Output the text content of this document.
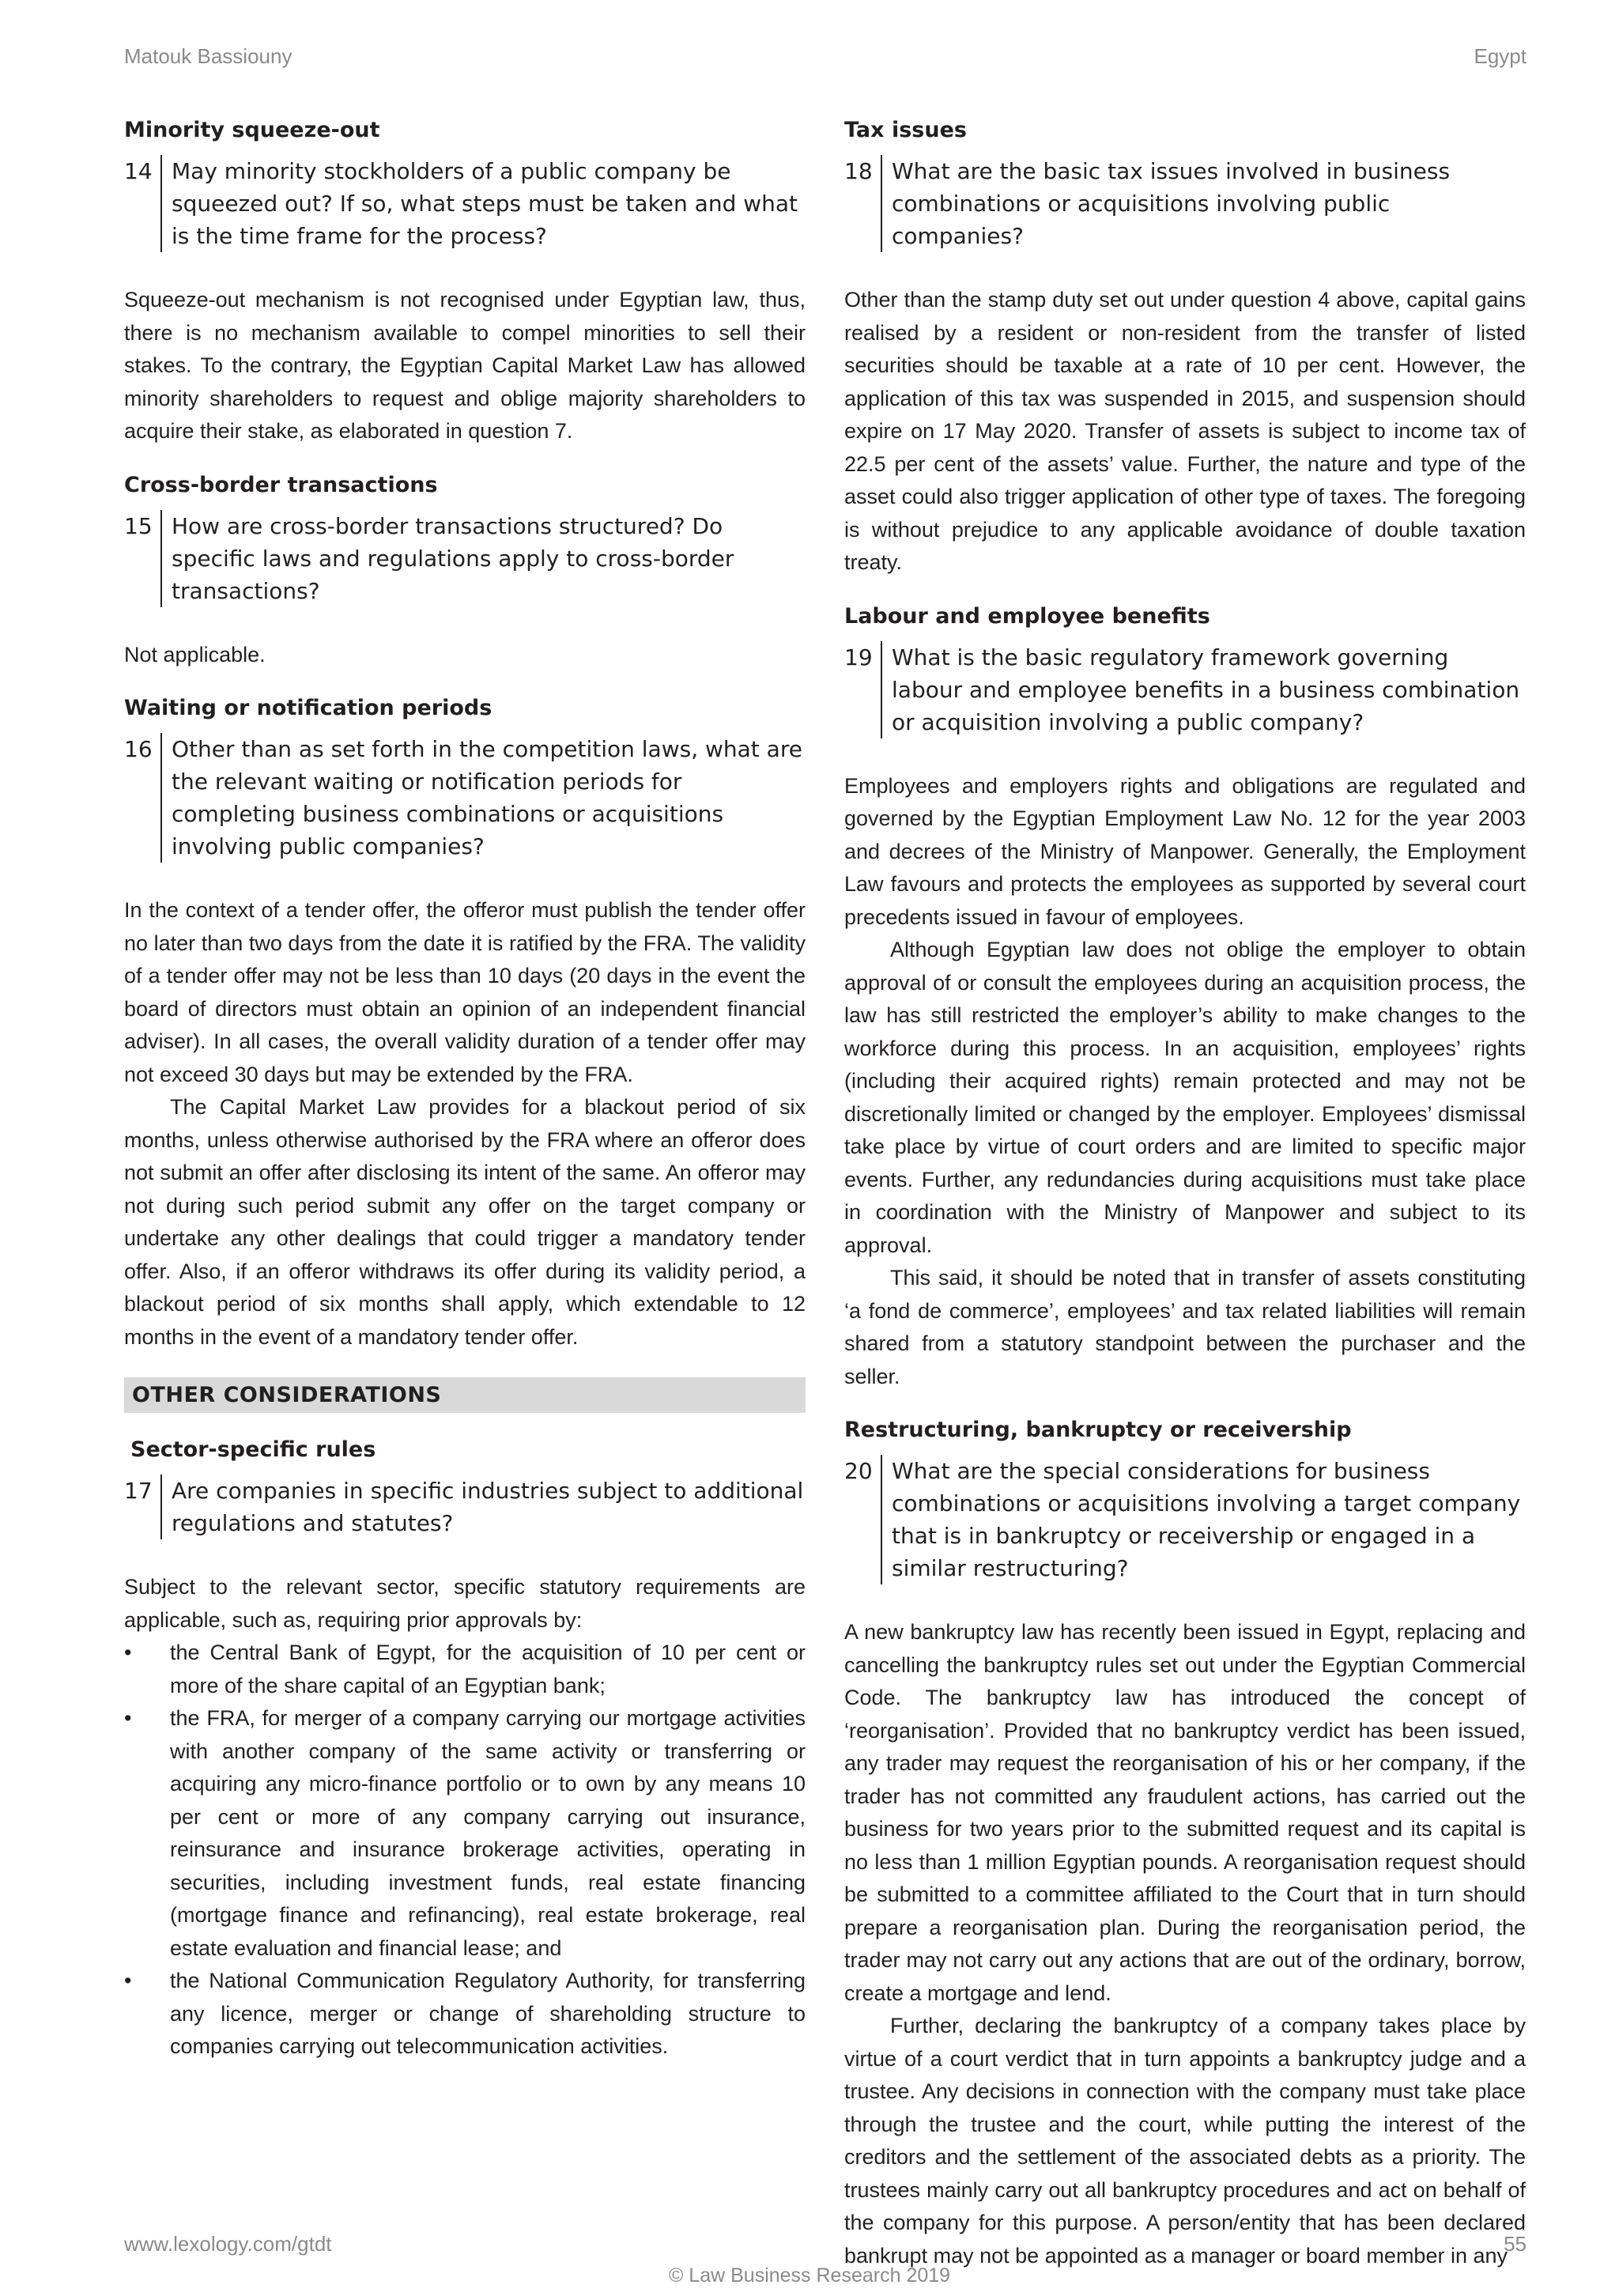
Matouk Bassiouny	Egypt
Minority squeeze-out
14 May minority stockholders of a public company be squeezed out? If so, what steps must be taken and what is the time frame for the process?

Squeeze-out mechanism is not recognised under Egyptian law, thus, there is no mechanism available to compel minorities to sell their stakes. To the contrary, the Egyptian Capital Market Law has allowed minority shareholders to request and oblige majority shareholders to acquire their stake, as elaborated in question 7.

Cross-border transactions
15 How are cross-border transactions structured? Do specific laws and regulations apply to cross-border transactions?

Not applicable.

Waiting or notification periods
16 Other than as set forth in the competition laws, what are the relevant waiting or notification periods for completing business combinations or acquisitions involving public companies?

In the context of a tender offer, the offeror must publish the tender offer no later than two days from the date it is ratified by the FRA. The validity of a tender offer may not be less than 10 days (20 days in the event the board of directors must obtain an opinion of an independent financial adviser). In all cases, the overall validity duration of a tender offer may not exceed 30 days but may be extended by the FRA.

The Capital Market Law provides for a blackout period of six months, unless otherwise authorised by the FRA where an offeror does not submit an offer after disclosing its intent of the same. An offeror may not during such period submit any offer on the target company or undertake any other dealings that could trigger a mandatory tender offer. Also, if an offeror withdraws its offer during its validity period, a blackout period of six months shall apply, which extendable to 12 months in the event of a mandatory tender offer.

OTHER CONSIDERATIONS
Sector-specific rules
17 Are companies in specific industries subject to additional regulations and statutes?

Subject to the relevant sector, specific statutory requirements are applicable, such as, requiring prior approvals by:

• the Central Bank of Egypt, for the acquisition of 10 per cent or more of the share capital of an Egyptian bank;
• the FRA, for merger of a company carrying our mortgage activities with another company of the same activity or transferring or acquiring any micro-finance portfolio or to own by any means 10 per cent or more of any company carrying out insurance, reinsurance and insurance brokerage activities, operating in securities, including investment funds, real estate financing (mortgage finance and refinancing), real estate brokerage, real estate evaluation and financial lease; and
• the National Communication Regulatory Authority, for transferring any licence, merger or change of shareholding structure to companies carrying out telecommunication activities.
Tax issues
18 What are the basic tax issues involved in business combinations or acquisitions involving public companies?

Other than the stamp duty set out under question 4 above, capital gains realised by a resident or non-resident from the transfer of listed securities should be taxable at a rate of 10 per cent. However, the application of this tax was suspended in 2015, and suspension should expire on 17 May 2020. Transfer of assets is subject to income tax of 22.5 per cent of the assets’ value. Further, the nature and type of the asset could also trigger application of other type of taxes. The foregoing is without prejudice to any applicable avoidance of double taxation treaty.

Labour and employee benefits
19 What is the basic regulatory framework governing labour and employee benefits in a business combination or acquisition involving a public company?

Employees and employers rights and obligations are regulated and governed by the Egyptian Employment Law No. 12 for the year 2003 and decrees of the Ministry of Manpower. Generally, the Employment Law favours and protects the employees as supported by several court precedents issued in favour of employees.

Although Egyptian law does not oblige the employer to obtain approval of or consult the employees during an acquisition process, the law has still restricted the employer’s ability to make changes to the workforce during this process. In an acquisition, employees’ rights (including their acquired rights) remain protected and may not be discretionally limited or changed by the employer. Employees’ dismissal take place by virtue of court orders and are limited to specific major events. Further, any redundancies during acquisitions must take place in coordination with the Ministry of Manpower and subject to its approval.

This said, it should be noted that in transfer of assets constituting ‘a fond de commerce’, employees’ and tax related liabilities will remain shared from a statutory standpoint between the purchaser and the seller.

Restructuring, bankruptcy or receivership
20 What are the special considerations for business combinations or acquisitions involving a target company that is in bankruptcy or receivership or engaged in a similar restructuring?

A new bankruptcy law has recently been issued in Egypt, replacing and cancelling the bankruptcy rules set out under the Egyptian Commercial Code. The bankruptcy law has introduced the concept of ‘reorganisation’. Provided that no bankruptcy verdict has been issued, any trader may request the reorganisation of his or her company, if the trader has not committed any fraudulent actions, has carried out the business for two years prior to the submitted request and its capital is no less than 1 million Egyptian pounds. A reorganisation request should be submitted to a committee affiliated to the Court that in turn should prepare a reorganisation plan. During the reorganisation period, the trader may not carry out any actions that are out of the ordinary, borrow, create a mortgage and lend.

Further, declaring the bankruptcy of a company takes place by virtue of a court verdict that in turn appoints a bankruptcy judge and a trustee. Any decisions in connection with the company must take place through the trustee and the court, while putting the interest of the creditors and the settlement of the associated debts as a priority. The trustees mainly carry out all bankruptcy procedures and act on behalf of the company for this purpose. A person/entity that has been declared bankrupt may not be appointed as a manager or board member in any

www.lexology.com/gtdt	55
© Law Business Research 2019
